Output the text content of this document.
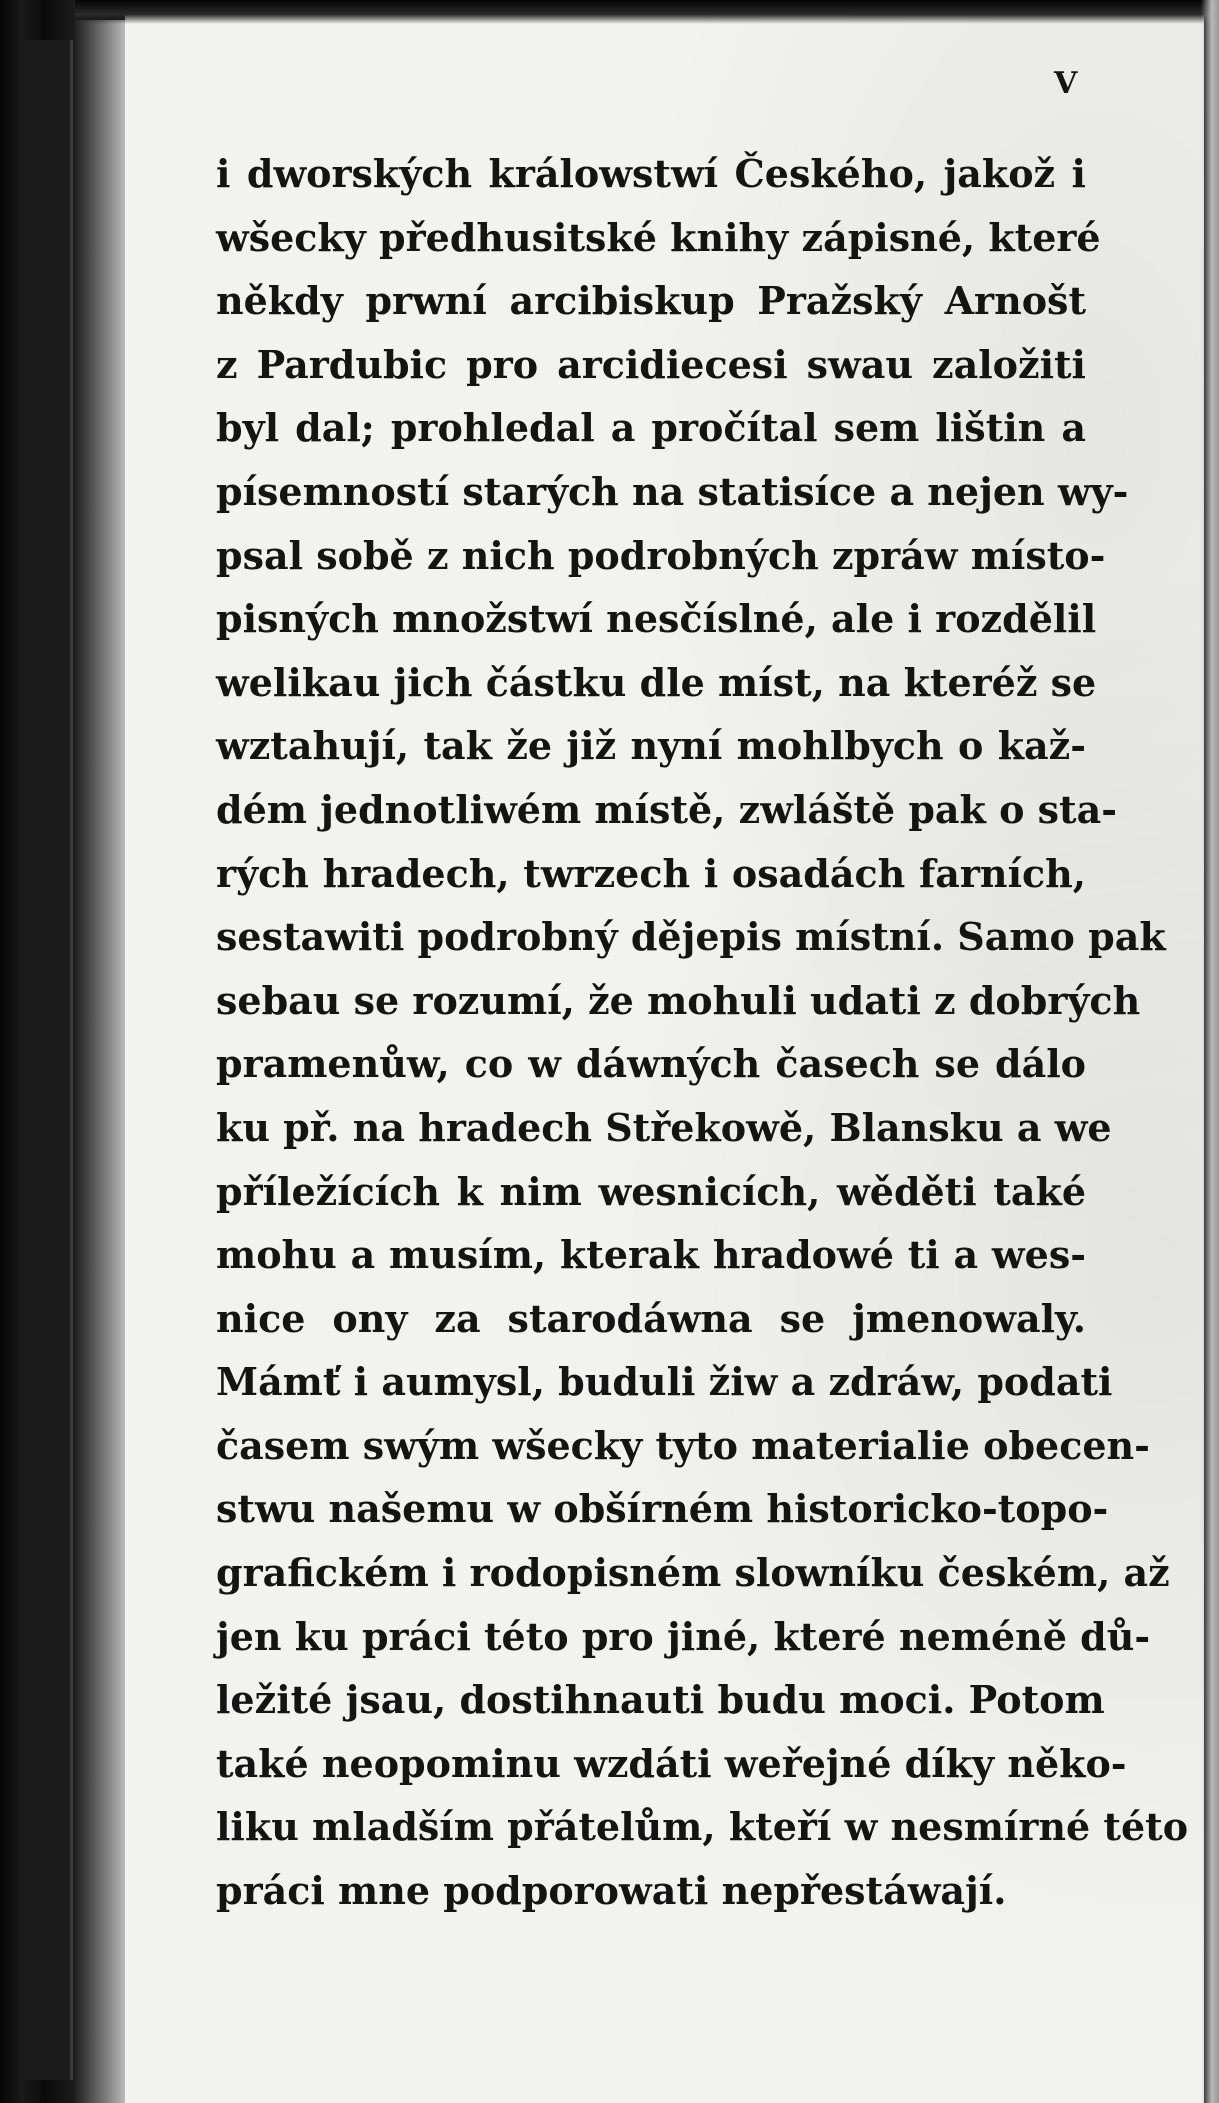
V
i dworských králowstwí Českého, jakož i
wšecky předhusitské knihy zápisné, které
někdy prwní arcibiskup Pražský Arnošt
z Pardubic pro arcidiecesi swau založiti
byl dal; prohledal a pročítal sem lištin a
písemností starých na statisíce a nejen wy-
psal sobě z nich podrobných zpráw místo-
pisných množstwí nesčíslné, ale i rozdělil
welikau jich částku dle míst, na kteréž se
wztahují, tak že již nyní mohlbych o kaž-
dém jednotliwém místě, zwláště pak o sta-
rých hradech, twrzech i osadách farních,
sestawiti podrobný dějepis místní. Samo pak
sebau se rozumí, že mohuli udati z dobrých
pramenůw, co w dáwných časech se dálo
ku př. na hradech Střekowě, Blansku a we
příležících k nim wesnicích, wěděti také
mohu a musím, kterak hradowé ti a wes-
nice ony za starodáwna se jmenowaly.
Mámť i aumysl, buduli žiw a zdráw, podati
časem swým wšecky tyto materialie obecen-
stwu našemu w obšírném historicko-topo-
grafickém i rodopisném slowníku českém, až
jen ku práci této pro jiné, které neméně dů-
ležité jsau, dostihnauti budu moci. Potom
také neopominu wzdáti weřejné díky něko-
liku mladším přátelům, kteří w nesmírné této
práci mne podporowati nepřestáwají.
